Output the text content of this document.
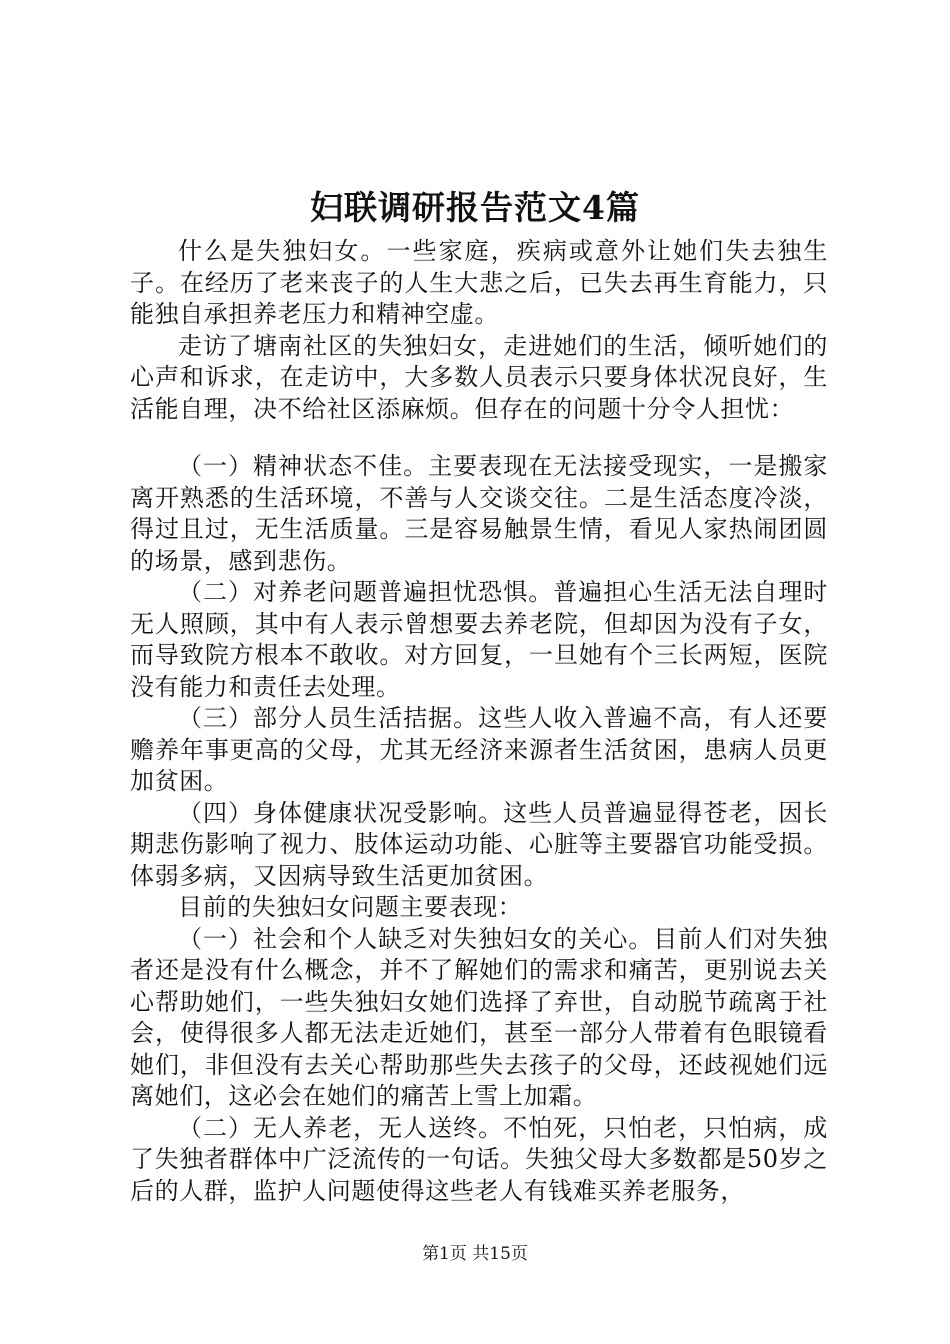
妇联调研报告范文4篇

什么是失独妇女。一些家庭，疾病或意外让她们失去独生子。在经历了老来丧子的人生大悲之后，已失去再生育能力，只能独自承担养老压力和精神空虚。

走访了塘南社区的失独妇女，走进她们的生活，倾听她们的心声和诉求，在走访中，大多数人员表示只要身体状况良好，生活能自理，决不给社区添麻烦。但存在的问题十分令人担忧：

（一）精神状态不佳。主要表现在无法接受现实，一是搬家离开熟悉的生活环境，不善与人交谈交往。二是生活态度冷淡，得过且过，无生活质量。三是容易触景生情，看见人家热闹团圆的场景，感到悲伤。

（二）对养老问题普遍担忧恐惧。普遍担心生活无法自理时无人照顾，其中有人表示曾想要去养老院，但却因为没有子女，而导致院方根本不敢收。对方回复，一旦她有个三长两短，医院没有能力和责任去处理。

（三）部分人员生活拮据。这些人收入普遍不高，有人还要赡养年事更高的父母，尤其无经济来源者生活贫困，患病人员更加贫困。

（四）身体健康状况受影响。这些人员普遍显得苍老，因长期悲伤影响了视力、肢体运动功能、心脏等主要器官功能受损。体弱多病，又因病导致生活更加贫困。

目前的失独妇女问题主要表现：

（一）社会和个人缺乏对失独妇女的关心。目前人们对失独者还是没有什么概念，并不了解她们的需求和痛苦，更别说去关心帮助她们，一些失独妇女她们选择了弃世，自动脱节疏离于社会，使得很多人都无法走近她们，甚至一部分人带着有色眼镜看她们，非但没有去关心帮助那些失去孩子的父母，还歧视她们远离她们，这必会在她们的痛苦上雪上加霜。

（二）无人养老，无人送终。不怕死，只怕老，只怕病，成了失独者群体中广泛流传的一句话。失独父母大多数都是50岁之后的人群，监护人问题使得这些老人有钱难买养老服务，

第1页 共15页
